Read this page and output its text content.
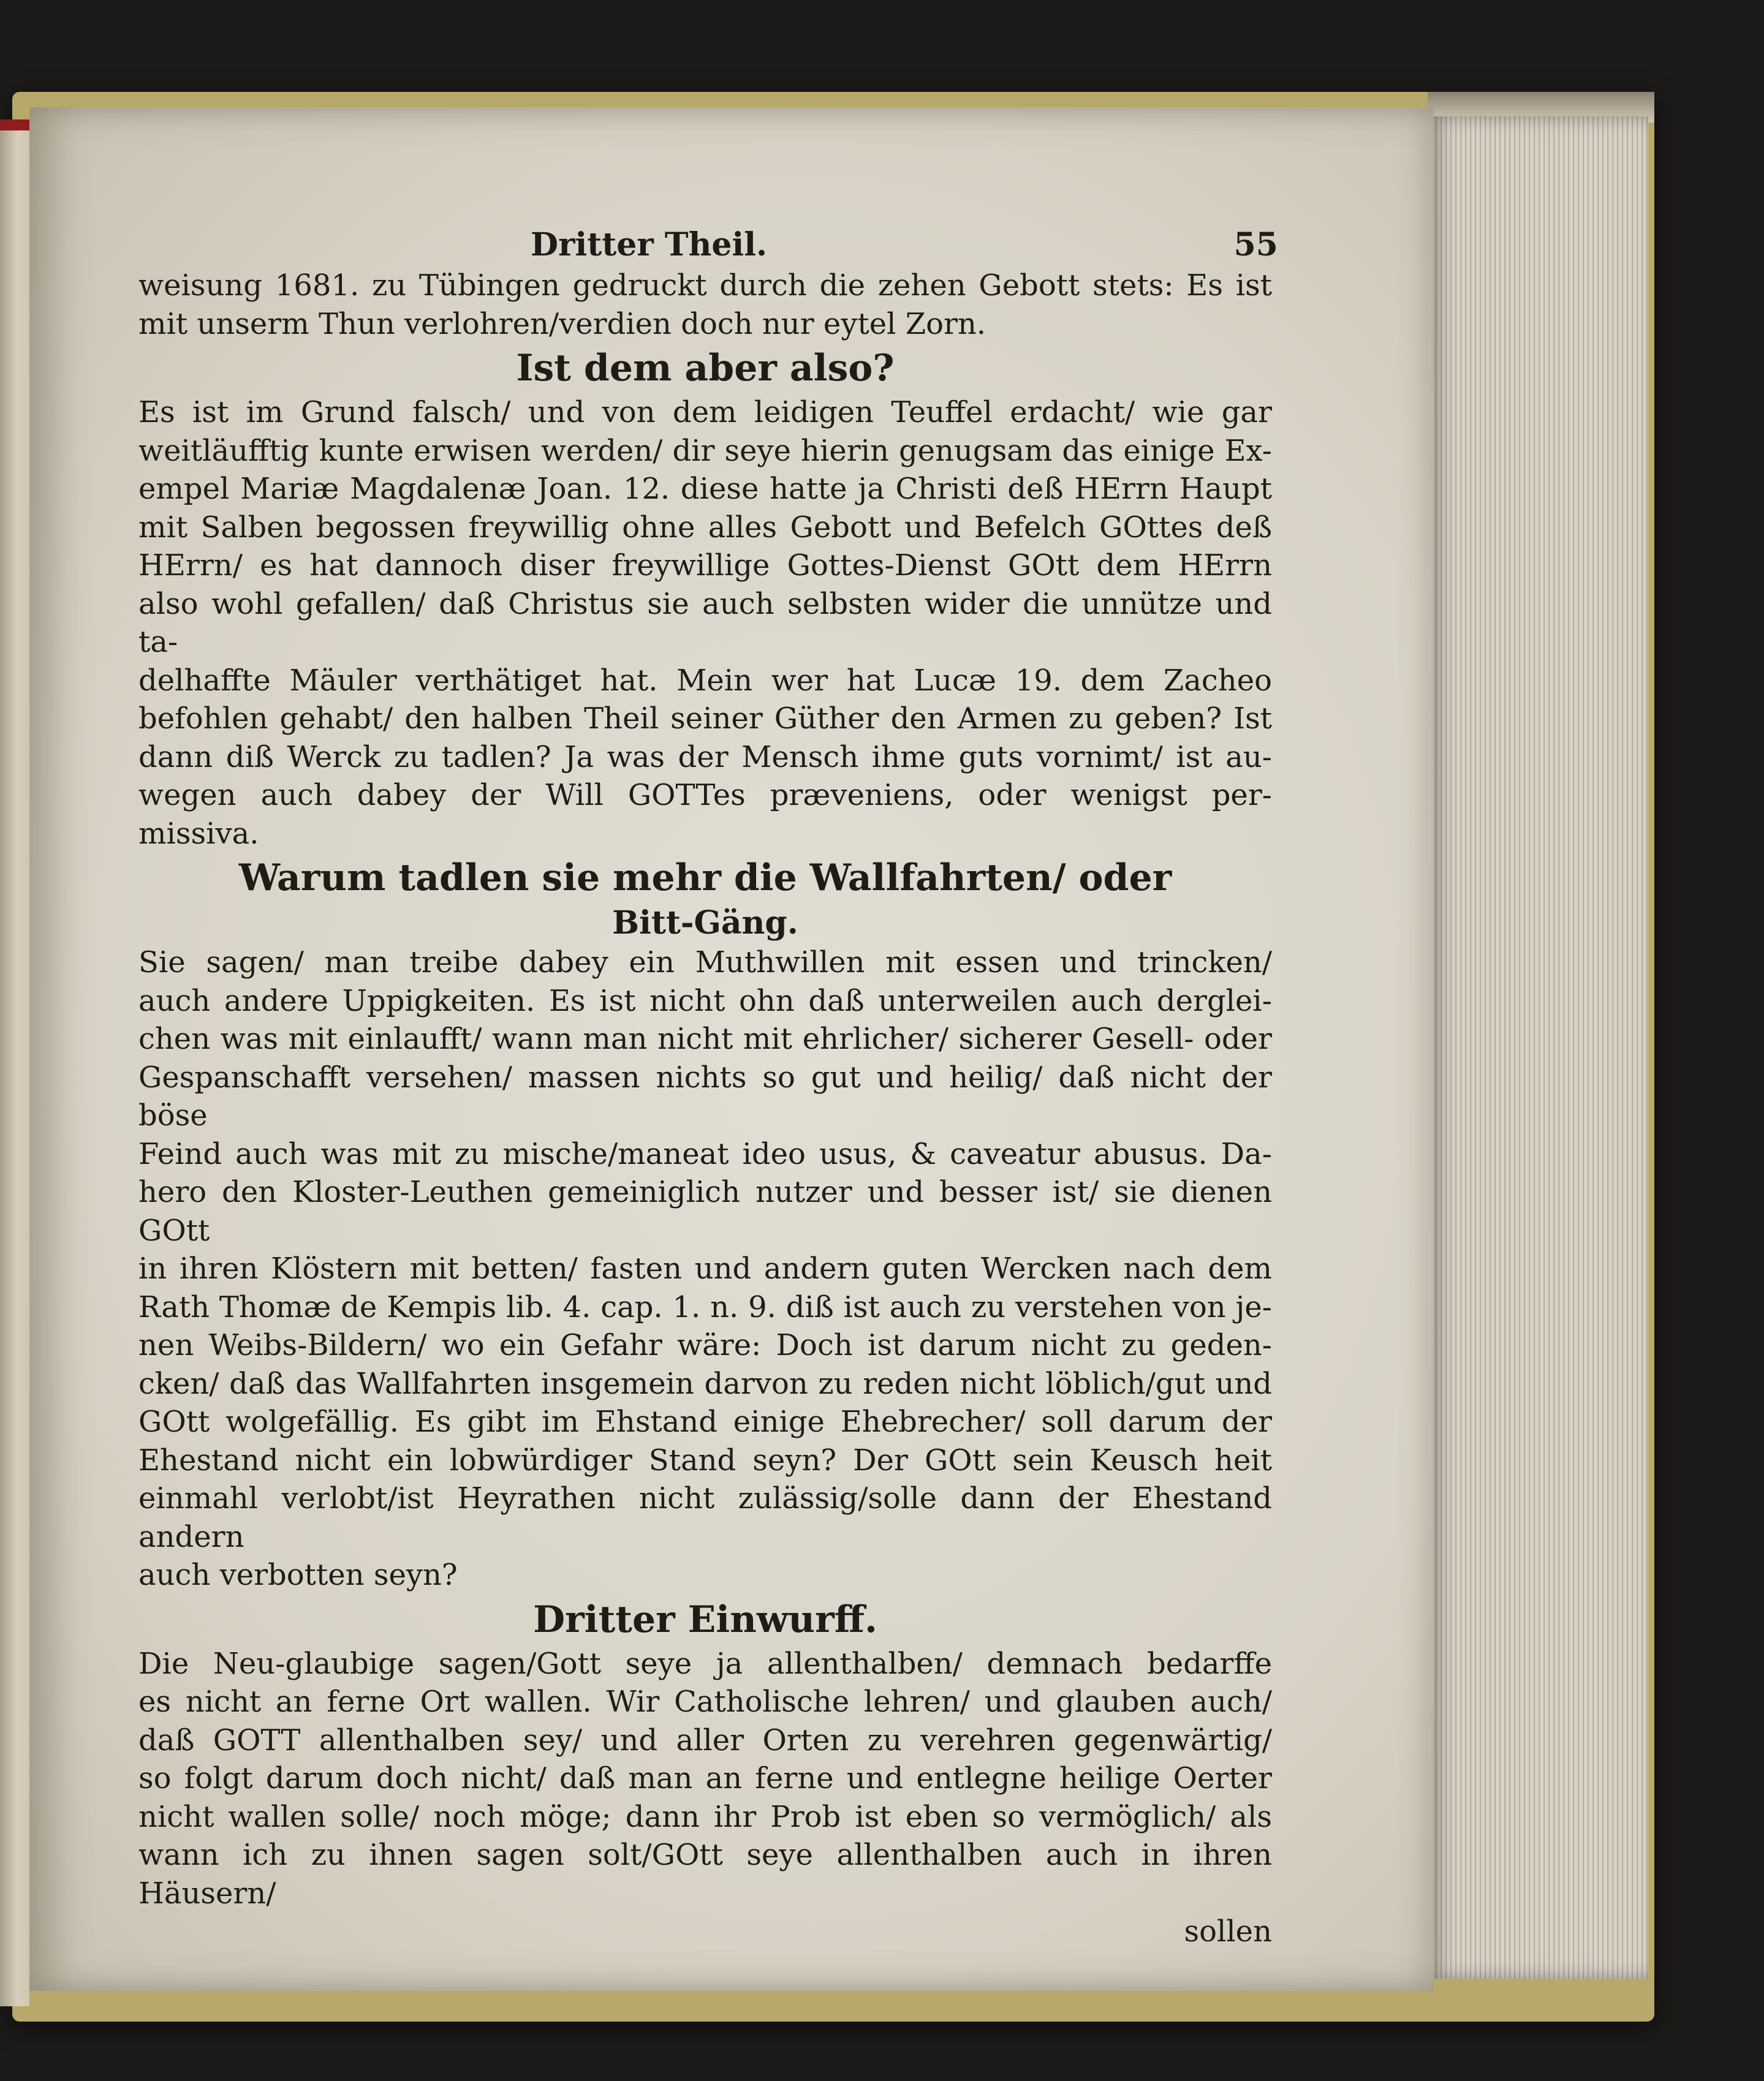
Dritter Theil.	55
weisung 1681. zu Tübingen gedruckt durch die zehen Gebott stets: Es ist
mit unserm Thun verlohren/verdien doch nur eytel Zorn.
Ist dem aber also?
Es ist im Grund falsch/ und von dem leidigen Teuffel erdacht/ wie gar
weitläufftig kunte erwisen werden/ dir seye hierin genugsam das einige Ex-
empel Mariæ Magdalenæ Joan. 12. diese hatte ja Christi deß HErrn Haupt
mit Salben begossen freywillig ohne alles Gebott und Befelch GOttes deß
HErrn/ es hat dannoch diser freywillige Gottes-Dienst GOtt dem HErrn
also wohl gefallen/ daß Christus sie auch selbsten wider die unnütze und ta-
delhaffte Mäuler verthätiget hat. Mein wer hat Lucæ 19. dem Zacheo
befohlen gehabt/ den halben Theil seiner Güther den Armen zu geben? Ist
dann diß Werck zu tadlen? Ja was der Mensch ihme guts vornimt/ ist au-
wegen auch dabey der Will GOTTes præveniens, oder wenigst per-
missiva.
Warum tadlen sie mehr die Wallfahrten/ oder
Bitt-Gäng.
Sie sagen/ man treibe dabey ein Muthwillen mit essen und trincken/
auch andere Uppigkeiten. Es ist nicht ohn daß unterweilen auch derglei-
chen was mit einlaufft/ wann man nicht mit ehrlicher/ sicherer Gesell- oder
Gespanschafft versehen/ massen nichts so gut und heilig/ daß nicht der böse
Feind auch was mit zu mische/maneat ideo usus, & caveatur abusus. Da-
hero den Kloster-Leuthen gemeiniglich nutzer und besser ist/ sie dienen GOtt
in ihren Klöstern mit betten/ fasten und andern guten Wercken nach dem
Rath Thomæ de Kempis lib. 4. cap. 1. n. 9. diß ist auch zu verstehen von je-
nen Weibs-Bildern/ wo ein Gefahr wäre: Doch ist darum nicht zu geden-
cken/ daß das Wallfahrten insgemein darvon zu reden nicht löblich/gut und
GOtt wolgefällig. Es gibt im Ehstand einige Ehebrecher/ soll darum der
Ehestand nicht ein lobwürdiger Stand seyn? Der GOtt sein Keusch heit
einmahl verlobt/ist Heyrathen nicht zulässig/solle dann der Ehestand andern
auch verbotten seyn?
Dritter Einwurff.
Die Neu-glaubige sagen/Gott seye ja allenthalben/ demnach bedarffe
es nicht an ferne Ort wallen. Wir Catholische lehren/ und glauben auch/
daß GOTT allenthalben sey/ und aller Orten zu verehren gegenwärtig/
so folgt darum doch nicht/ daß man an ferne und entlegne heilige Oerter
nicht wallen solle/ noch möge; dann ihr Prob ist eben so vermöglich/ als
wann ich zu ihnen sagen solt/GOtt seye allenthalben auch in ihren Häusern/
sollen
